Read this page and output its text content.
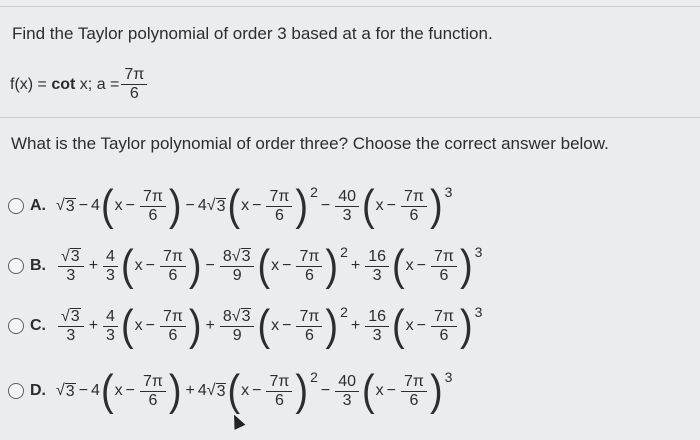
Find the Taylor polynomial of order 3 based at a for the function.
f(x) =
cot
x; $a = \frac{7\pi}{6}$
What is the Taylor polynomial of order three? Choose the correct answer below.
A. √ 3 − 4 ( $x - \frac{7\pi}{6}$ ) − 4 √ 3 ( $x - \frac{7\pi}{6}$ ) 2
− $\frac{40}{3}$ ( $x - \frac{7\pi}{6}$ ) 3
B. $\frac{√ 3}{3} + \frac{4}{3}$ ( $x - \frac{7\pi}{6}$ ) − $\frac{8√ 3}{9}$ ( $x - \frac{7\pi}{6}$ ) 2
+ $\frac{16}{3}$ ( $x - \frac{7\pi}{6}$ ) 3
C. $\frac{√ 3}{3} + \frac{4}{3}$ ( $x - \frac{7\pi}{6}$ ) + $\frac{8√ 3}{9}$ ( $x - \frac{7\pi}{6}$ ) 2
+ $\frac{16}{3}$ ( $x - \frac{7\pi}{6}$ ) 3
D. √ 3 − 4 ( $x - \frac{7\pi}{6}$ ) + 4 √ 3 ( $x - \frac{7\pi}{6}$ ) 2
− $\frac{40}{3}$ ( $x - \frac{7\pi}{6}$ ) 3
